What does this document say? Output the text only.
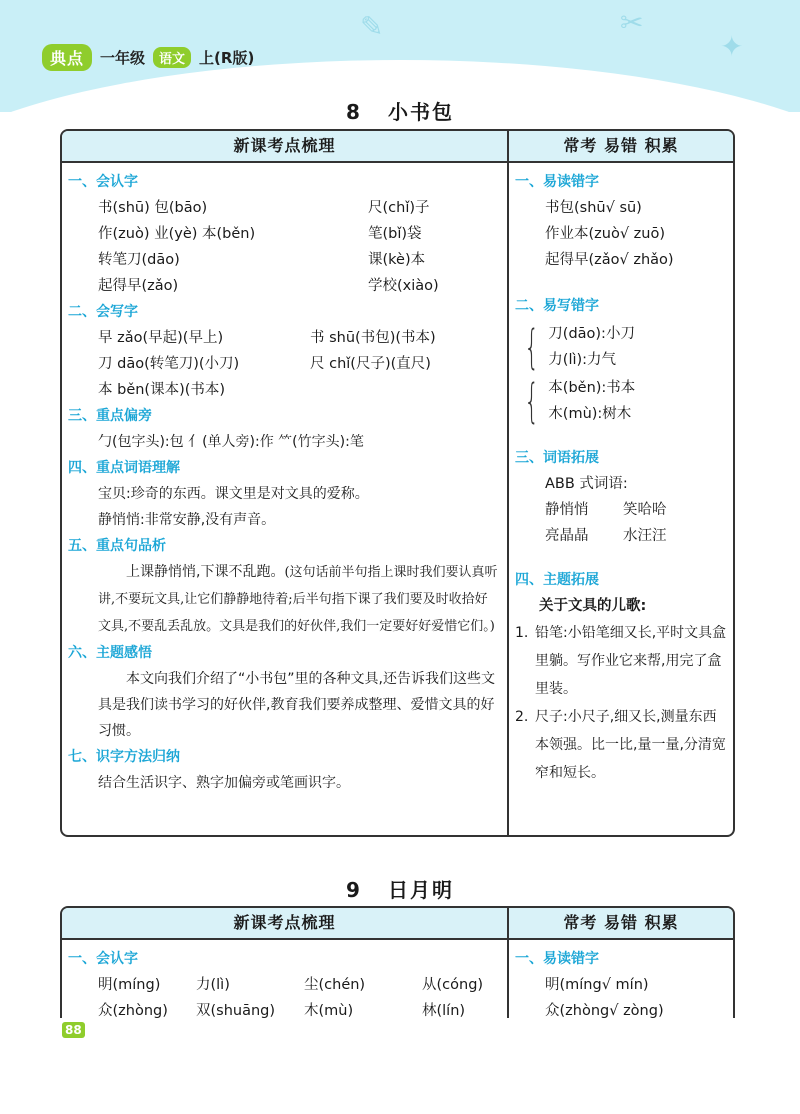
✎	✂
✦
典点	一年级	语文 上(R版)
8 小书包
新课考点梳理	常考 易错 积累
一、会认字
书(shū) 包(bāo)	尺(chǐ)子
作(zuò) 业(yè) 本(běn)	笔(bǐ)袋
转笔刀(dāo)	课(kè)本
起得早(zǎo)	学校(xiào)
二、会写字
早 zǎo(早起)(早上)	书 shū(书包)(书本)
刀 dāo(转笔刀)(小刀)	尺 chǐ(尺子)(直尺)
本 běn(课本)(书本)
三、重点偏旁
勹(包字头):包 亻(单人旁):作 ⺮(竹字头):笔
四、重点词语理解
宝贝:珍奇的东西。课文里是对文具的爱称。
静悄悄:非常安静,没有声音。
五、重点句品析
上课静悄悄,下课不乱跑。(这句话前半句指上课时我们要认真听讲,不要玩文具,让它们静静地待着;后半句指下课了我们要及时收拾好文具,不要乱丢乱放。文具是我们的好伙伴,我们一定要好好爱惜它们。)
六、主题感悟
本文向我们介绍了“小书包”里的各种文具,还告诉我们这些文具是我们读书学习的好伙伴,教育我们要养成整理、爱惜文具的好习惯。
七、识字方法归纳
结合生活识字、熟字加偏旁或笔画识字。
一、易读错字
书包(shū√ sū)
作业本(zuò√ zuō)
起得早(zǎo√ zhǎo)
二、易写错字
{ 刀(dāo):小刀
力(lì):力气
{ 本(běn):书本
木(mù):树木
三、词语拓展
ABB 式词语:
静悄悄	笑哈哈
亮晶晶	水汪汪
四、主题拓展
关于文具的儿歌:
1. 铅笔:小铅笔细又长,平时文具盒里躺。写作业它来帮,用完了盒里装。
2. 尺子:小尺子,细又长,测量东西本领强。比一比,量一量,分清宽窄和短长。
9 日月明
新课考点梳理	常考 易错 积累
一、会认字
明(míng)	力(lì)	尘(chén)	从(cóng)
众(zhòng)	双(shuāng)	木(mù)	林(lín)
一、易读错字
明(míng√ mín)
众(zhòng√ zòng)
88
